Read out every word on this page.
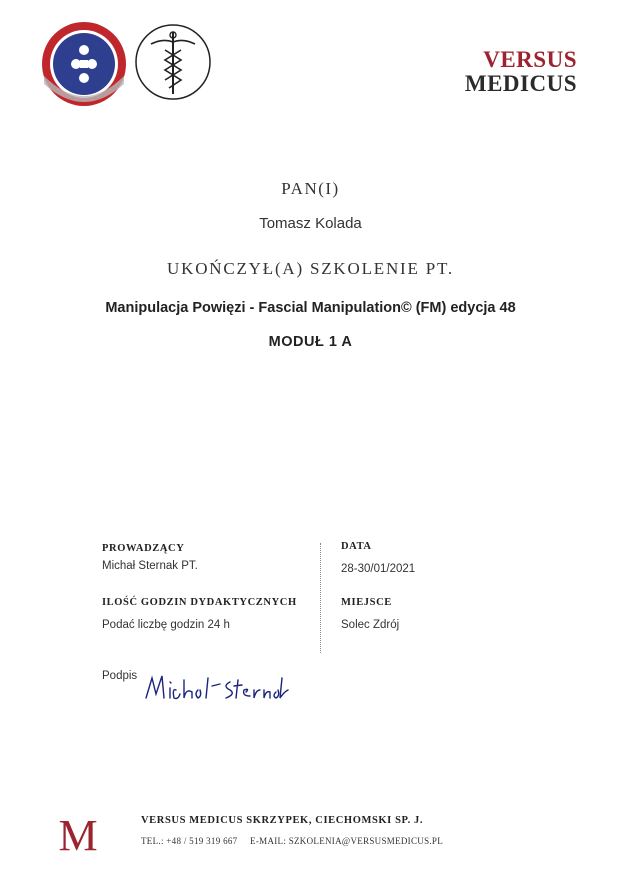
VERSUS
MEDICUS
PAN(I)
Tomasz Kolada
UKOŃCZYŁ(A) SZKOLENIE PT.
Manipulacja Powięzi - Fascial Manipulation© (FM) edycja 48
MODUŁ 1 A
PROWADZĄCY
Michał Sternak PT.
DATA
28-30/01/2021
ILOŚĆ GODZIN DYDAKTYCZNYCH
Podać liczbę godzin 24 h
MIEJSCE
Solec Zdrój
Podpis
M	VERSUS MEDICUS SKRZYPEK, CIECHOMSKI SP. J.
TEL.: +48 / 519 319 667 E-MAIL: SZKOLENIA@VERSUSMEDICUS.PL
